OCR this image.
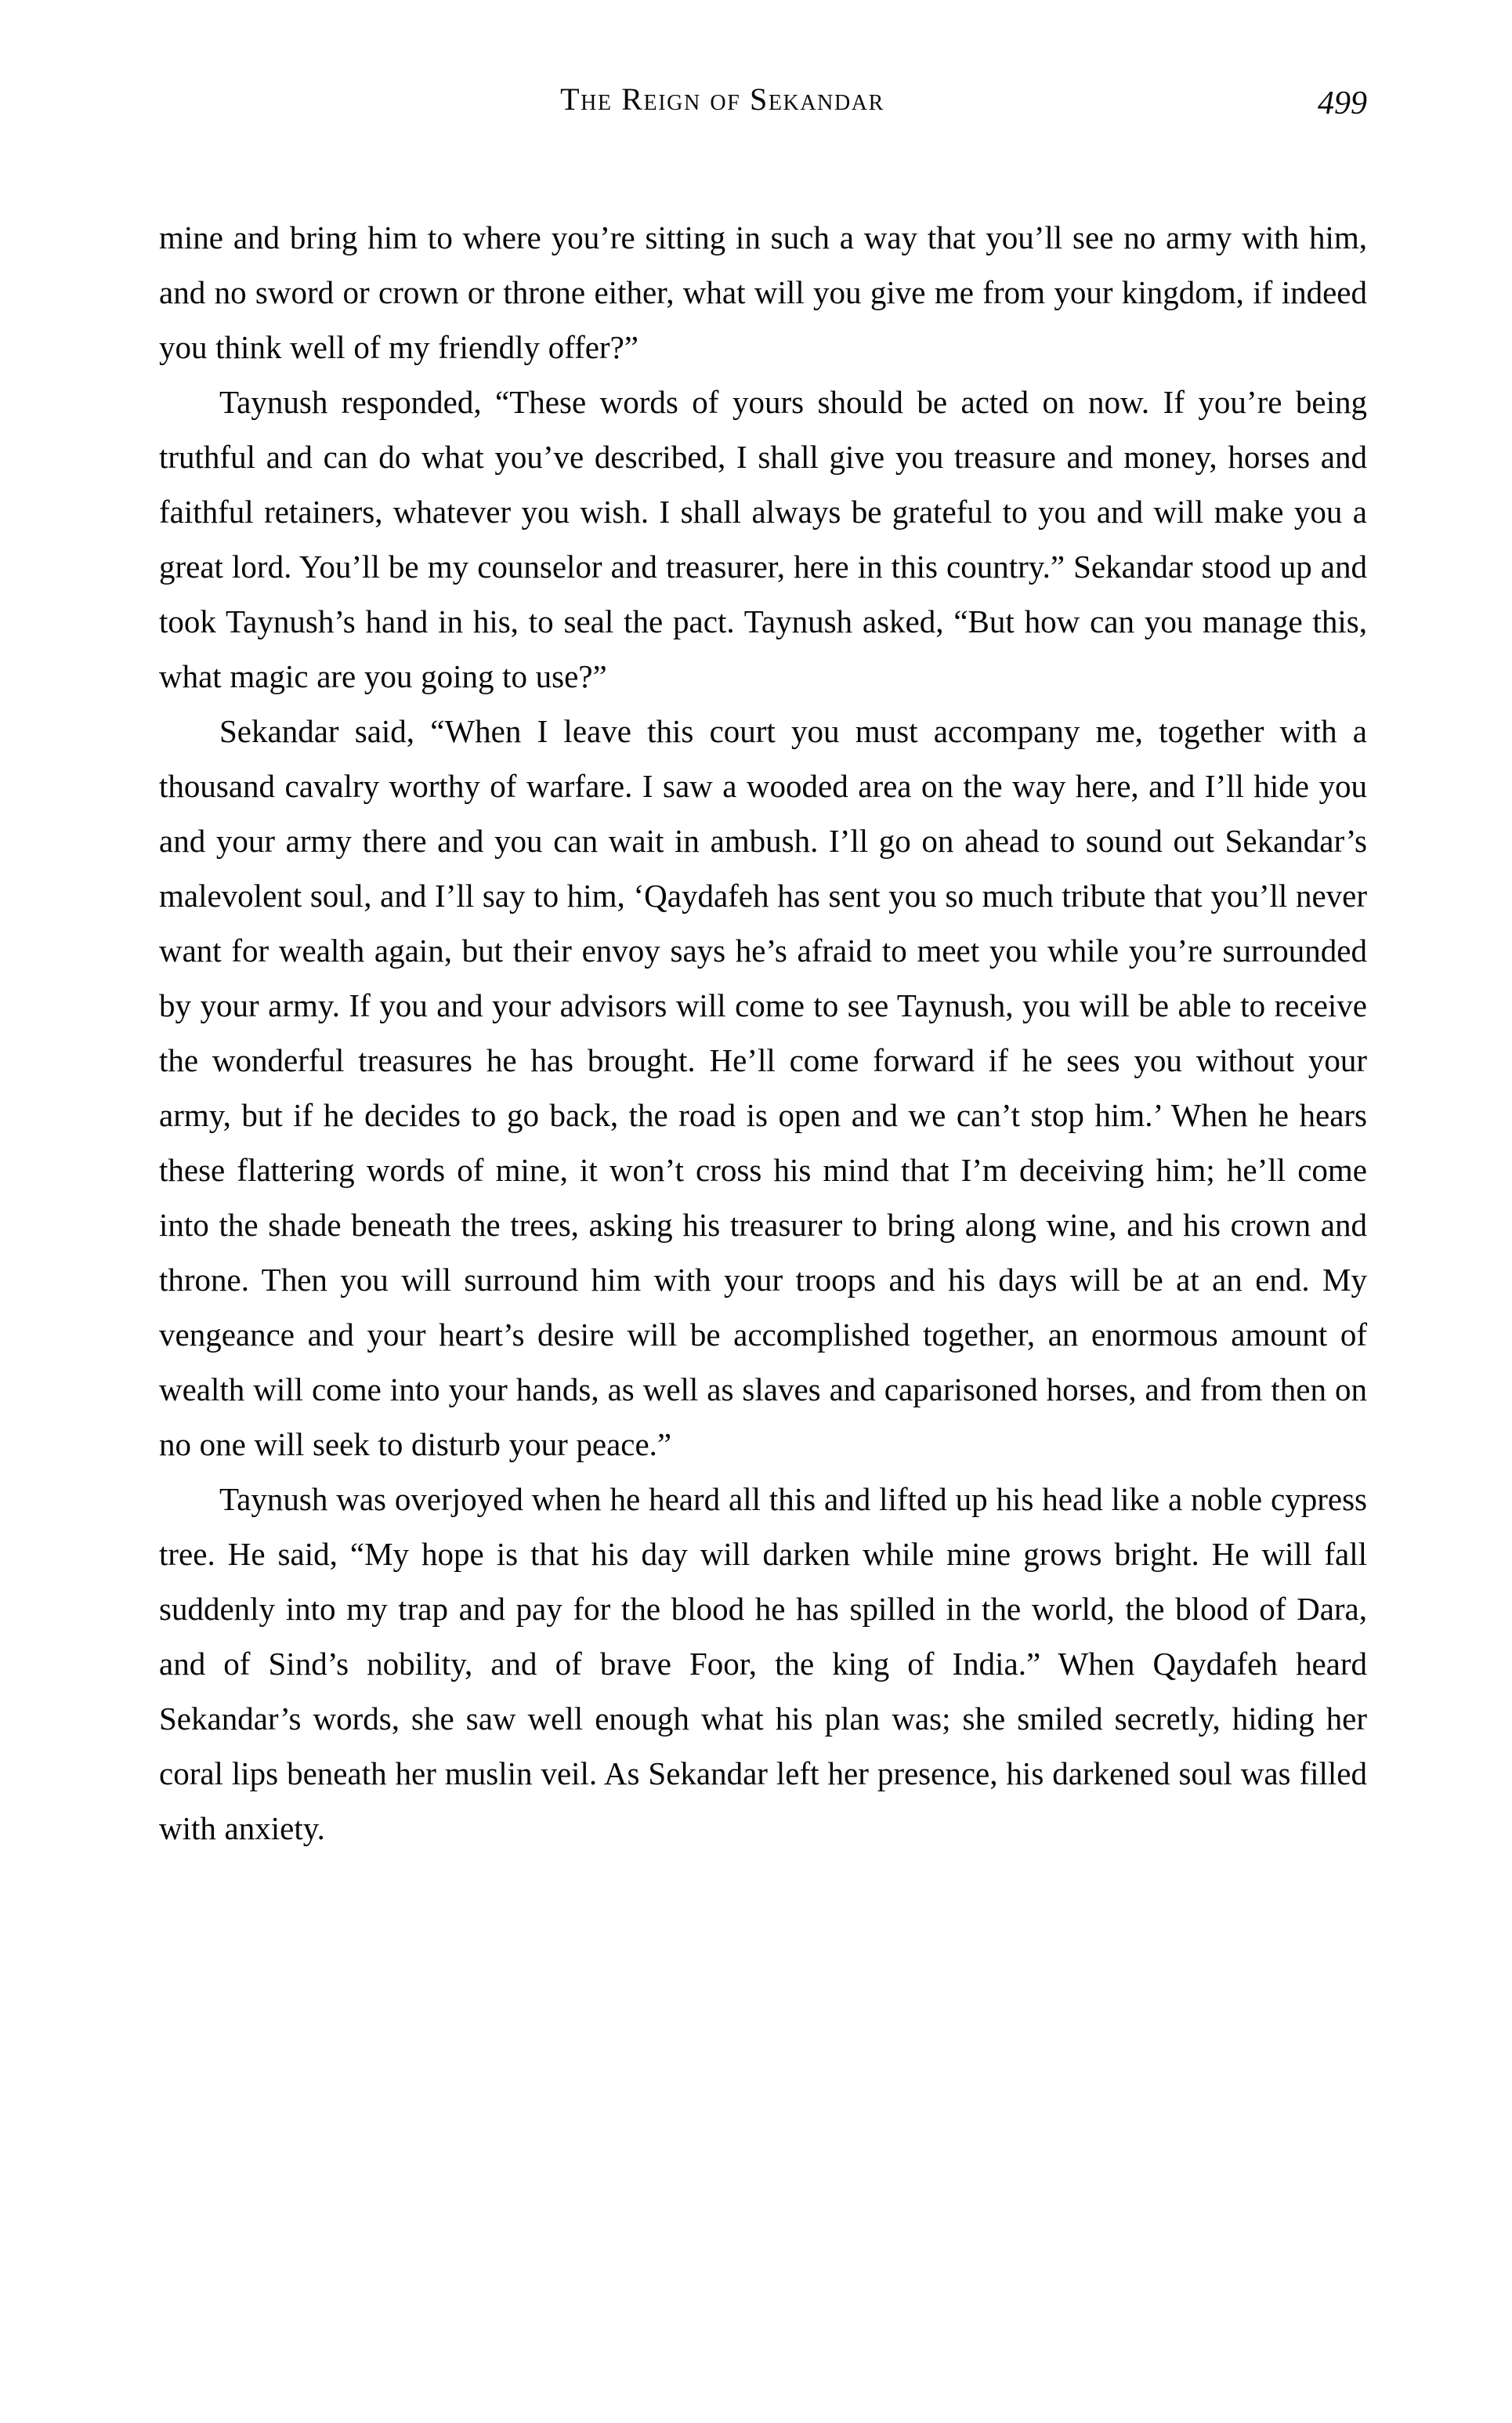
The Reign of Sekandar	499

mine and bring him to where you’re sitting in such a way that you’ll see no army with him, and no sword or crown or throne either, what will you give me from your kingdom, if indeed you think well of my friendly offer?”

Taynush responded, “These words of yours should be acted on now. If you’re being truthful and can do what you’ve described, I shall give you treasure and money, horses and faithful retainers, whatever you wish. I shall always be grateful to you and will make you a great lord. You’ll be my counselor and treasurer, here in this country.” Sekandar stood up and took Taynush’s hand in his, to seal the pact. Taynush asked, “But how can you manage this, what magic are you going to use?”

Sekandar said, “When I leave this court you must accompany me, together with a thousand cavalry worthy of warfare. I saw a wooded area on the way here, and I’ll hide you and your army there and you can wait in ambush. I’ll go on ahead to sound out Sekandar’s malevolent soul, and I’ll say to him, ‘Qaydafeh has sent you so much tribute that you’ll never want for wealth again, but their envoy says he’s afraid to meet you while you’re surrounded by your army. If you and your advisors will come to see Taynush, you will be able to receive the wonderful treasures he has brought. He’ll come forward if he sees you without your army, but if he decides to go back, the road is open and we can’t stop him.’ When he hears these flattering words of mine, it won’t cross his mind that I’m deceiving him; he’ll come into the shade beneath the trees, asking his treasurer to bring along wine, and his crown and throne. Then you will surround him with your troops and his days will be at an end. My vengeance and your heart’s desire will be accomplished together, an enormous amount of wealth will come into your hands, as well as slaves and caparisoned horses, and from then on no one will seek to disturb your peace.”

Taynush was overjoyed when he heard all this and lifted up his head like a noble cypress tree. He said, “My hope is that his day will darken while mine grows bright. He will fall suddenly into my trap and pay for the blood he has spilled in the world, the blood of Dara, and of Sind’s nobility, and of brave Foor, the king of India.” When Qaydafeh heard Sekandar’s words, she saw well enough what his plan was; she smiled secretly, hiding her coral lips beneath her muslin veil. As Sekandar left her presence, his darkened soul was filled with anxiety.
